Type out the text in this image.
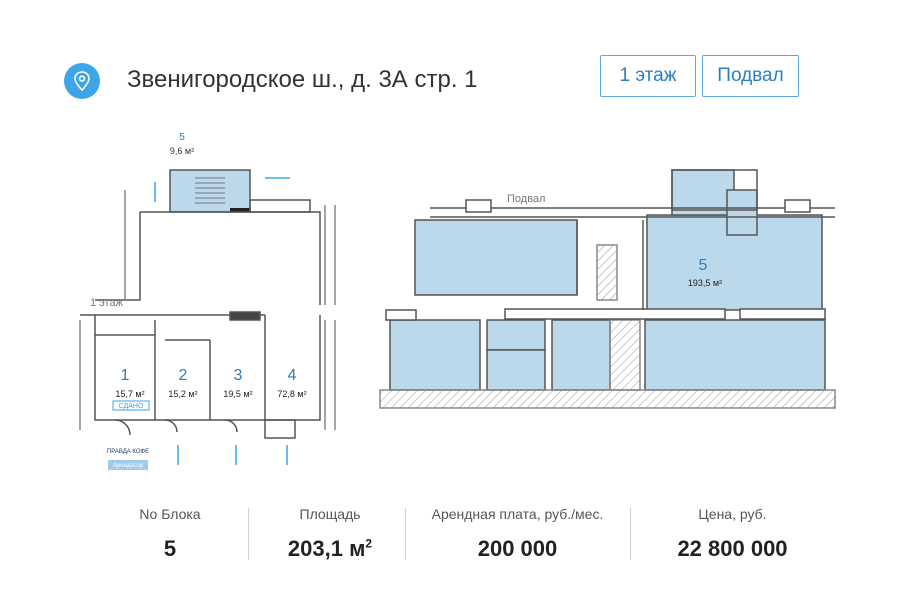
Звенигородское ш., д. 3А стр. 1	1 этаж	Подвал
5
9,6 м²
1 этаж
1
15,7 м²
СДАНО
2
15,2 м²
3
19,5 м²
4
72,8 м²
ПРАВДА КОФЕ
Арендатор
Подвал
5
193,5 м²
No Блока
5
Площадь
203,1 $м^2$
Арендная плата, руб./мес.
200 000
Цена, руб.
22 800 000
